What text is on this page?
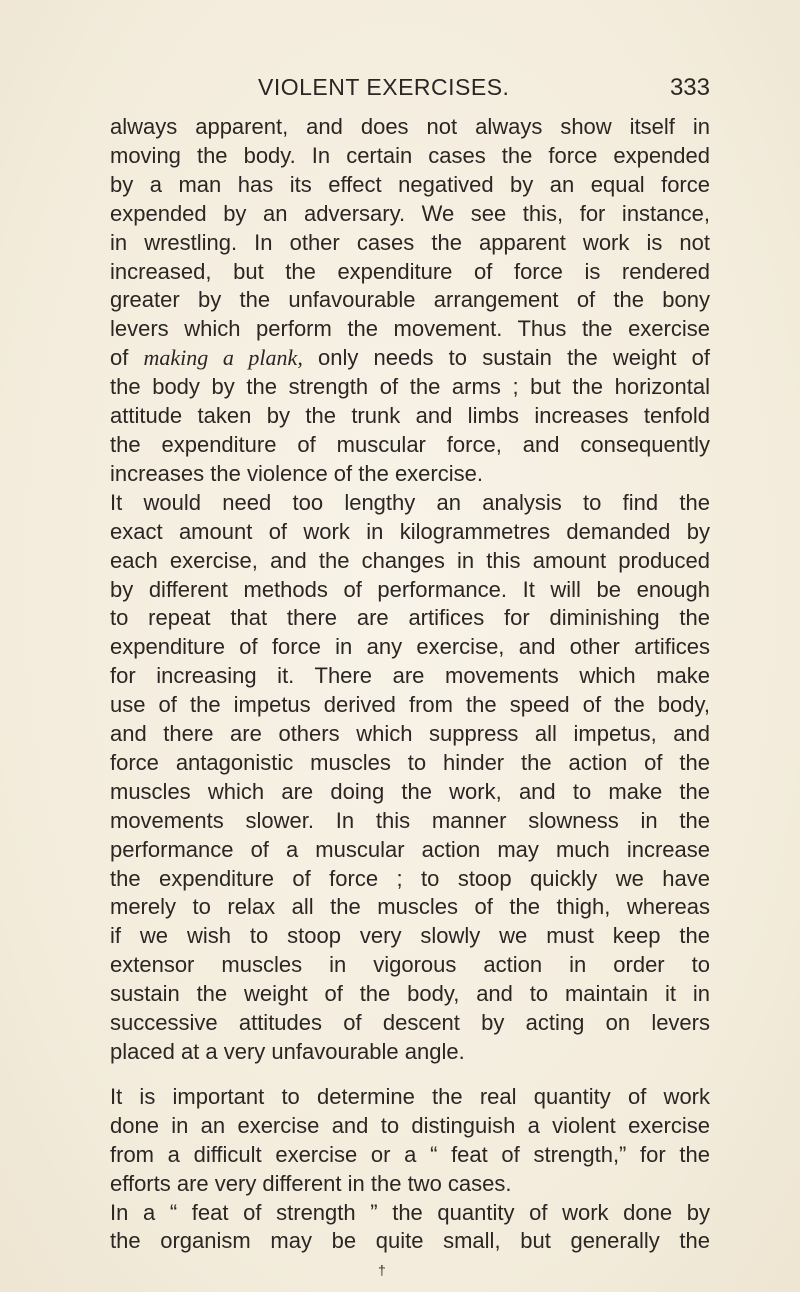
VIOLENT EXERCISES.	333

always apparent, and does not always show itself in
moving the body. In certain cases the force expended
by a man has its effect negatived by an equal force
expended by an adversary. We see this, for instance,
in wrestling. In other cases the apparent work is not
increased, but the expenditure of force is rendered
greater by the unfavourable arrangement of the bony
levers which perform the movement. Thus the exercise
of making a plank, only needs to sustain the weight of
the body by the strength of the arms ; but the horizontal
attitude taken by the trunk and limbs increases tenfold
the expenditure of muscular force, and consequently
increases the violence of the exercise.

It would need too lengthy an analysis to find the
exact amount of work in kilogrammetres demanded by
each exercise, and the changes in this amount produced
by different methods of performance. It will be enough
to repeat that there are artifices for diminishing the
expenditure of force in any exercise, and other artifices
for increasing it. There are movements which make
use of the impetus derived from the speed of the body,
and there are others which suppress all impetus, and
force antagonistic muscles to hinder the action of the
muscles which are doing the work, and to make the
movements slower. In this manner slowness in the
performance of a muscular action may much increase
the expenditure of force ; to stoop quickly we have
merely to relax all the muscles of the thigh, whereas
if we wish to stoop very slowly we must keep the
extensor muscles in vigorous action in order to
sustain the weight of the body, and to maintain it in
successive attitudes of descent by acting on levers
placed at a very unfavourable angle.

It is important to determine the real quantity of work
done in an exercise and to distinguish a violent exercise
from a difficult exercise or a “ feat of strength,” for the
efforts are very different in the two cases.

In a “ feat of strength ” the quantity of work done by
the organism may be quite small, but generally the

†
